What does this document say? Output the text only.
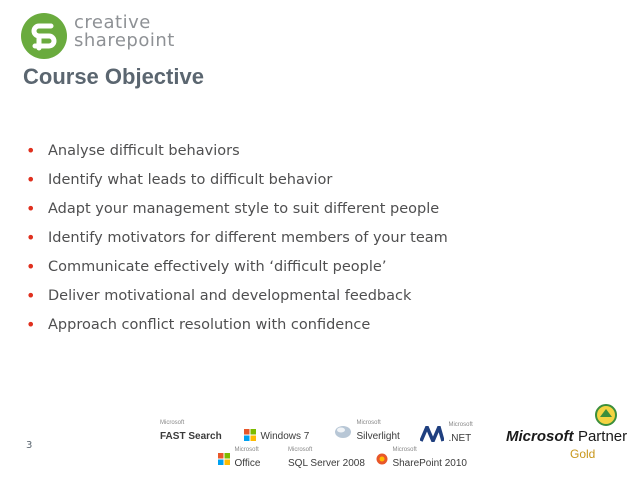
creative
sharepoint
Course Objective
• Analyse difficult behaviors
• Identify what leads to difficult behavior
• Adapt your management style to suit different people
• Identify motivators for different members of your team
• Communicate effectively with ‘difficult people’
• Deliver motivational and developmental feedback
• Approach conflict resolution with confidence
3
Microsoft
FAST Search	Windows 7

Microsoft
Silverlight

Microsoft
.NET

Microsoft
Office
Microsoft
SQL Server 2008

Microsoft
SharePoint 2010
Microsoft Partner
Gold
